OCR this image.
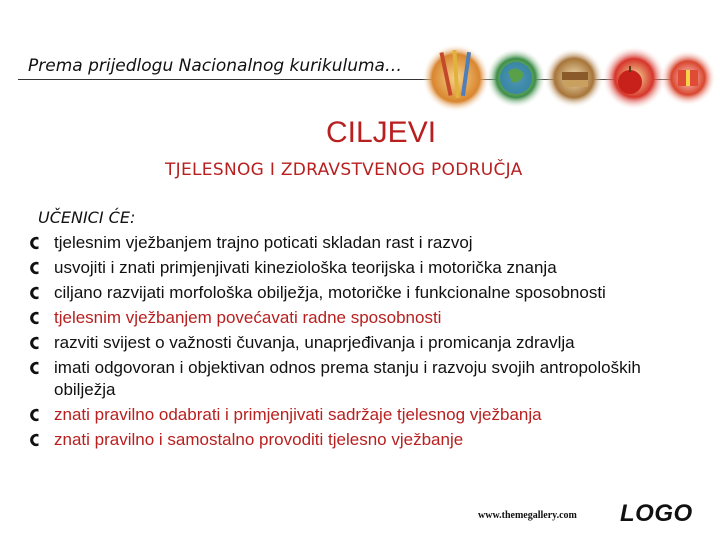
Prema prijedlogu Nacionalnog kurikuluma…
CILJEVI
TJELESNOG I ZDRAVSTVENOG PODRUČJA
UČENICI ĆE:
tjelesnim vježbanjem trajno poticati skladan rast i razvoj
usvojiti i znati primjenjivati kineziološka teorijska i motorička znanja
ciljano razvijati morfološka obilježja, motoričke i funkcionalne sposobnosti
tjelesnim vježbanjem povećavati radne sposobnosti
razviti svijest o važnosti čuvanja, unaprjeđivanja i promicanja zdravlja
imati odgovoran i objektivan odnos prema stanju i razvoju svojih antropoloških obilježja
znati pravilno odabrati i primjenjivati sadržaje tjelesnog vježbanja
znati pravilno i samostalno provoditi tjelesno vježbanje
www.themegallery.com LOGO
